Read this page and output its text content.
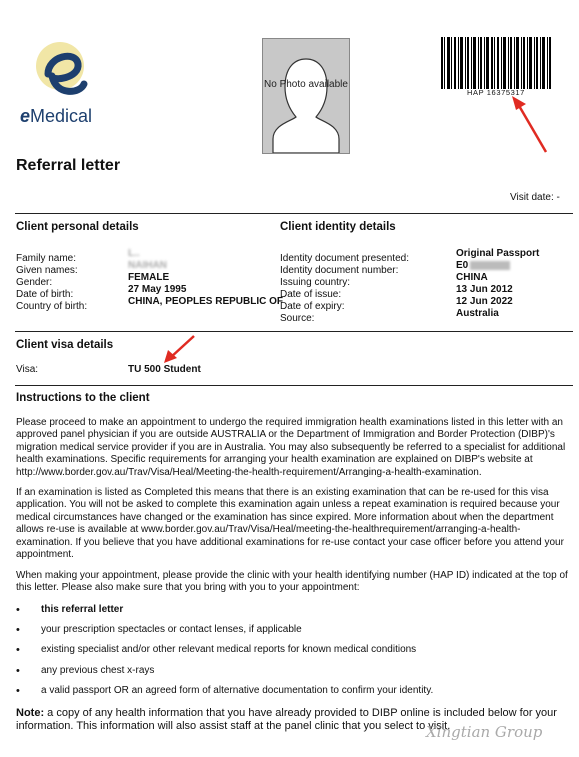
eMedical
No Photo available
HAP 16375317
Referral letter
Visit date: -
Client personal details
Family name:	L..
Given names:	NAIHAN
Gender:	FEMALE
Date of birth:	27 May 1995
Country of birth:	CHINA, PEOPLES REPUBLIC OF
Client identity details
Identity document presented:	Original Passport
Identity document number:	E0
Issuing country:	CHINA
Date of issue:	13 Jun 2012
Date of expiry:	12 Jun 2022
Source:	Australia
Client visa details
Visa:	TU 500 Student
Instructions to the client
Please proceed to make an appointment to undergo the required immigration health examinations listed in this letter with an approved panel physician if you are outside AUSTRALIA or the Department of Immigration and Border Protection (DIBP)'s migration medical service provider if you are in Australia. You may also subsequently be referred to a specialist for additional health examinations. Specific requirements for arranging your health examination are explained on DIBP's website at http://www.border.gov.au/Trav/Visa/Heal/Meeting-the-health-requirement/Arranging-a-health-examination.
If an examination is listed as Completed this means that there is an existing examination that can be re-used for this visa application. You will not be asked to complete this examination again unless a repeat examination is required because your medical circumstances have changed or the examination has since expired. More information about when the department allows re-use is available at www.border.gov.au/Trav/Visa/Heal/meeting-the-healthrequirement/arranging-a-health-examination. If you believe that you have additional examinations for re-use contact your case officer before you attend your appointment.
When making your appointment, please provide the clinic with your health identifying number (HAP ID) indicated at the top of this letter. Please also make sure that you bring with you to your appointment:
• this referral letter
• your prescription spectacles or contact lenses, if applicable
• existing specialist and/or other relevant medical reports for known medical conditions
• any previous chest x-rays
• a valid passport OR an agreed form of alternative documentation to confirm your identity.
Note: a copy of any health information that you have already provided to DIBP online is included below for your information. This information will also assist staff at the panel clinic that you select to visit.
Xingtian Group
